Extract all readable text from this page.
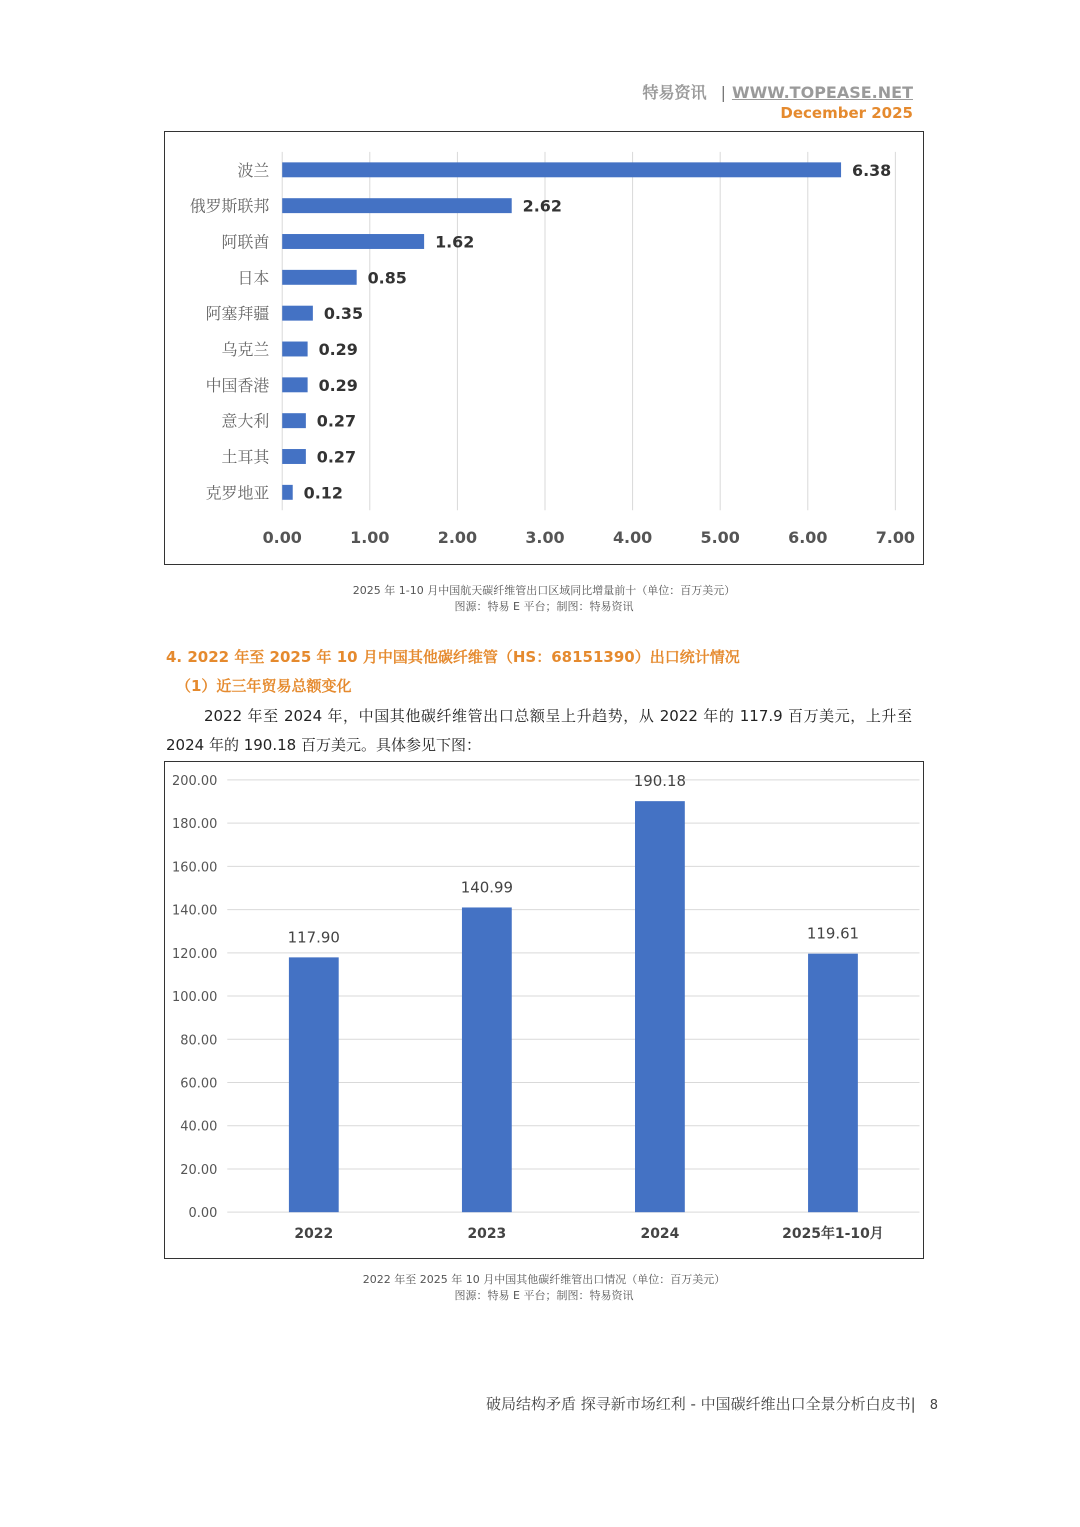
特易资讯 | WWW.TOPEASE.NET
December 2025
0.00	1.00	2.00	3.00	4.00	5.00	6.00	7.00
波兰	6.38
俄罗斯联邦	2.62
阿联酋	1.62
日本	0.85
阿塞拜疆	0.35
乌克兰	0.29
中国香港	0.29
意大利	0.27
土耳其	0.27
克罗地亚 0.12
2025 年 1-10 月中国航天碳纤维管出口区域同比增量前十（单位：百万美元）
图源：特易 E 平台；制图：特易资讯
4. 2022 年至 2025 年 10 月中国其他碳纤维管（HS：68151390）出口统计情况
（1）近三年贸易总额变化
2022 年至 2024 年，中国其他碳纤维管出口总额呈上升趋势，从 2022 年的 117.9 百万美元，上升至 2024 年的 190.18 百万美元。具体参见下图：
0.00
20.00
40.00
60.00
80.00
100.00
120.00
140.00
160.00
180.00
200.00
117.90
2022
140.99
2023
190.18
2024
119.61
2025年1-10月
2022 年至 2025 年 10 月中国其他碳纤维管出口情况（单位：百万美元）
图源：特易 E 平台；制图：特易资讯
破局结构矛盾 探寻新市场红利 - 中国碳纤维出口全景分析白皮书| 8
